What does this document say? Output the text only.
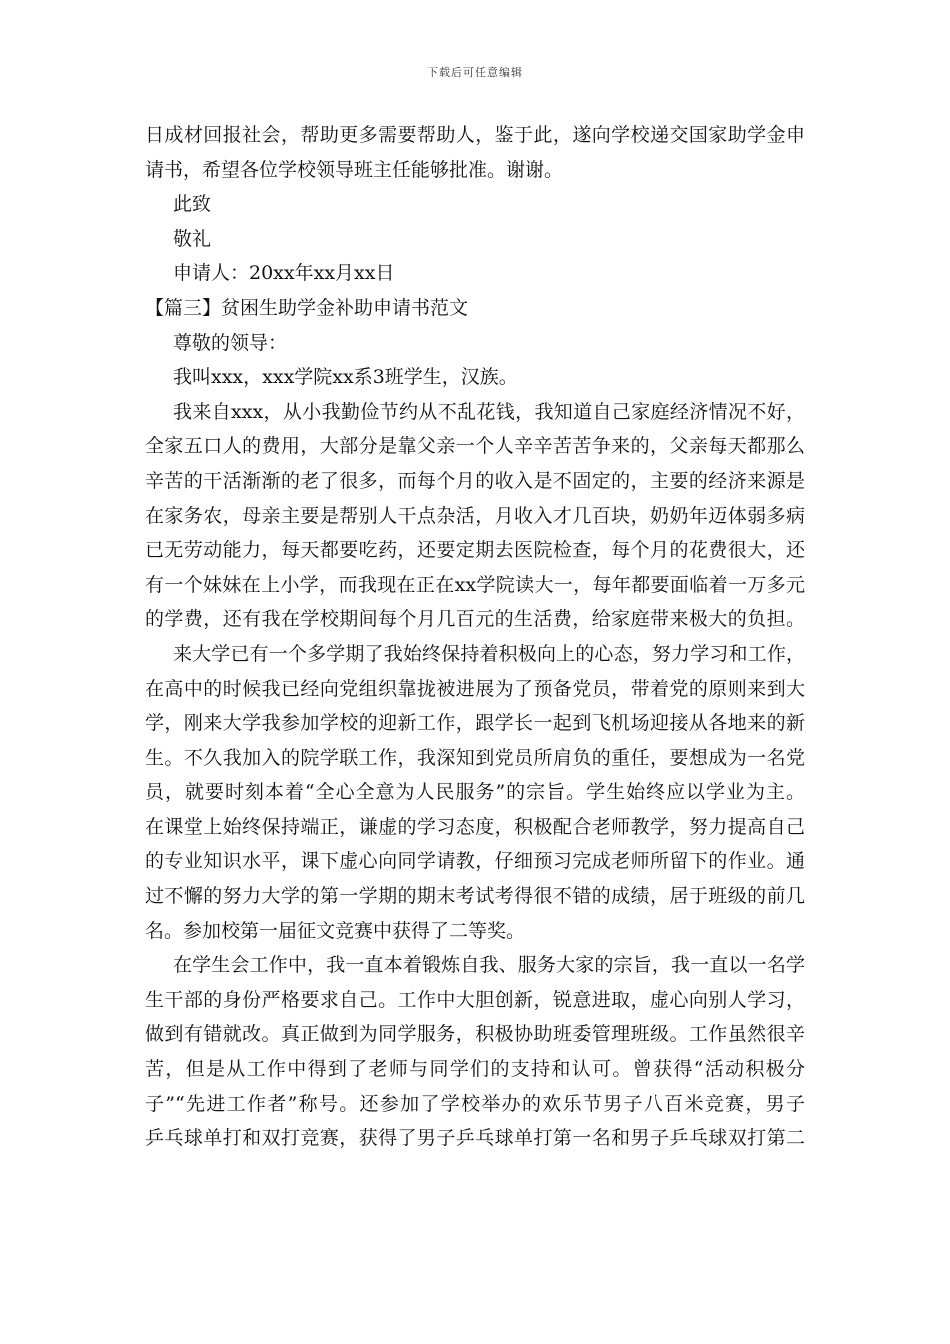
下载后可任意编辑
日成材回报社会，帮助更多需要帮助人，鉴于此，遂向学校递交国家助学金申
请书，希望各位学校领导班主任能够批准。谢谢。
此致
敬礼
申请人：20xx年xx月xx日
【篇三】贫困生助学金补助申请书范文
尊敬的领导：
我叫xxx，xxx学院xx系3班学生，汉族。
我来自xxx，从小我勤俭节约从不乱花钱，我知道自己家庭经济情况不好，
全家五口人的费用，大部分是靠父亲一个人辛辛苦苦争来的，父亲每天都那么
辛苦的干活渐渐的老了很多，而每个月的收入是不固定的，主要的经济来源是
在家务农，母亲主要是帮别人干点杂活，月收入才几百块，奶奶年迈体弱多病
已无劳动能力，每天都要吃药，还要定期去医院检查，每个月的花费很大，还
有一个妹妹在上小学，而我现在正在xx学院读大一，每年都要面临着一万多元
的学费，还有我在学校期间每个月几百元的生活费，给家庭带来极大的负担。
来大学已有一个多学期了我始终保持着积极向上的心态，努力学习和工作，
在高中的时候我已经向党组织靠拢被进展为了预备党员，带着党的原则来到大
学，刚来大学我参加学校的迎新工作，跟学长一起到飞机场迎接从各地来的新
生。不久我加入的院学联工作，我深知到党员所肩负的重任，要想成为一名党
员，就要时刻本着“全心全意为人民服务”的宗旨。学生始终应以学业为主。
在课堂上始终保持端正，谦虚的学习态度，积极配合老师教学，努力提高自己
的专业知识水平，课下虚心向同学请教，仔细预习完成老师所留下的作业。通
过不懈的努力大学的第一学期的期末考试考得很不错的成绩，居于班级的前几
名。参加校第一届征文竞赛中获得了二等奖。
在学生会工作中，我一直本着锻炼自我、服务大家的宗旨，我一直以一名学
生干部的身份严格要求自己。工作中大胆创新，锐意进取，虚心向别人学习，
做到有错就改。真正做到为同学服务，积极协助班委管理班级。工作虽然很辛
苦，但是从工作中得到了老师与同学们的支持和认可。曾获得“活动积极分
子”“先进工作者”称号。还参加了学校举办的欢乐节男子八百米竞赛，男子
乒乓球单打和双打竞赛，获得了男子乒乓球单打第一名和男子乒乓球双打第二
